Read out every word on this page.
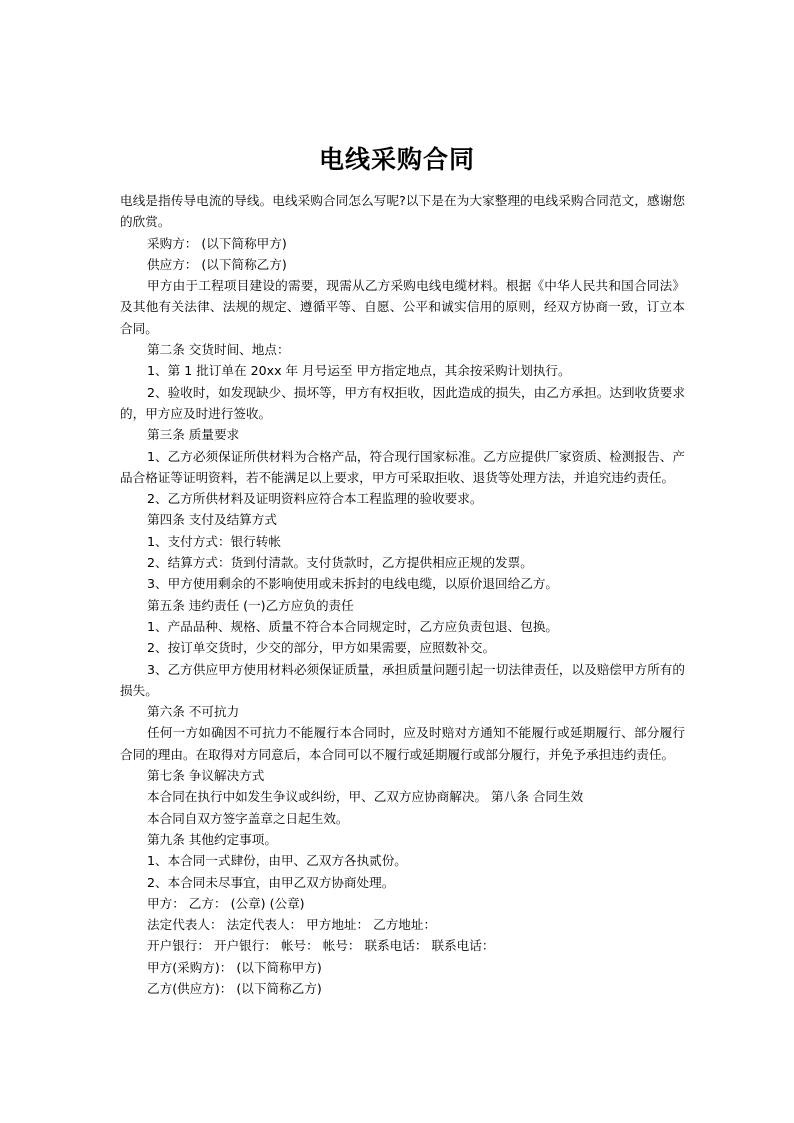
电线采购合同

电线是指传导电流的导线。电线采购合同怎么写呢?以下是在为大家整理的电线采购合同范文，感谢您的欣赏。

采购方： (以下简称甲方)

供应方： (以下简称乙方)

甲方由于工程项目建设的需要，现需从乙方采购电线电缆材料。根据《中华人民共和国合同法》及其他有关法律、法规的规定、遵循平等、自愿、公平和诚实信用的原则，经双方协商一致，订立本合同。

第二条 交货时间、地点：

1、第 1 批订单在 20xx 年 月号运至 甲方指定地点，其余按采购计划执行。

2、验收时，如发现缺少、损坏等，甲方有权拒收，因此造成的损失，由乙方承担。达到收货要求的，甲方应及时进行签收。

第三条 质量要求

1、乙方必须保证所供材料为合格产品，符合现行国家标准。乙方应提供厂家资质、检测报告、产品合格证等证明资料，若不能满足以上要求，甲方可采取拒收、退货等处理方法，并追究违约责任。

2、乙方所供材料及证明资料应符合本工程监理的验收要求。

第四条 支付及结算方式

1、支付方式：银行转帐

2、结算方式：货到付清款。支付货款时，乙方提供相应正规的发票。

3、甲方使用剩余的不影响使用或未拆封的电线电缆，以原价退回给乙方。

第五条 违约责任 (一)乙方应负的责任

1、产品品种、规格、质量不符合本合同规定时，乙方应负责包退、包换。

2、按订单交货时，少交的部分，甲方如果需要，应照数补交。

3、乙方供应甲方使用材料必须保证质量，承担质量问题引起一切法律责任，以及赔偿甲方所有的损失。

第六条 不可抗力

任何一方如确因不可抗力不能履行本合同时，应及时赔对方通知不能履行或延期履行、部分履行合同的理由。在取得对方同意后，本合同可以不履行或延期履行或部分履行，并免予承担违约责任。

第七条 争议解决方式

本合同在执行中如发生争议或纠纷，甲、乙双方应协商解决。 第八条 合同生效

本合同自双方签字盖章之日起生效。

第九条 其他约定事项。

1、本合同一式肆份，由甲、乙双方各执贰份。

2、本合同未尽事宜，由甲乙双方协商处理。

甲方： 乙方： (公章) (公章)

法定代表人： 法定代表人： 甲方地址： 乙方地址：

开户银行： 开户银行： 帐号： 帐号： 联系电话： 联系电话：

甲方(采购方)： (以下简称甲方)

乙方(供应方)： (以下简称乙方)
